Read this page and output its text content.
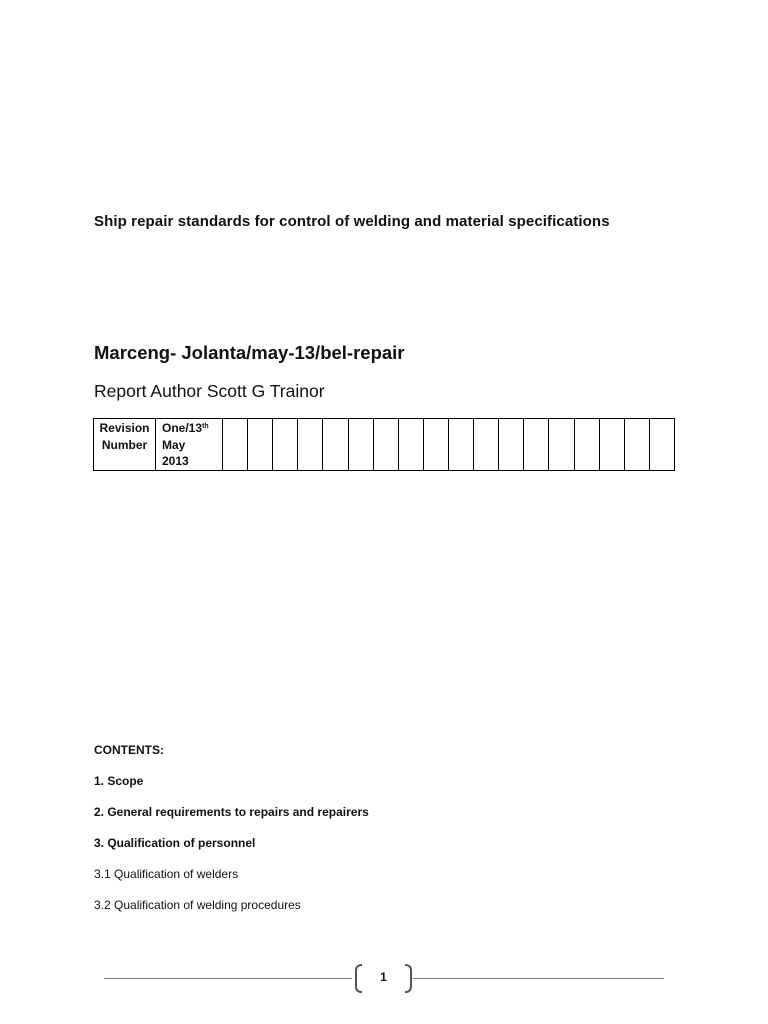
Ship repair standards for control of welding and material specifications
Marceng- Jolanta/may-13/bel-repair
Report Author Scott G Trainor
Revision
Number	One/13th
May
2013																		
CONTENTS:
1. Scope
2. General requirements to repairs and repairers
3. Qualification of personnel
3.1 Qualification of welders
3.2 Qualification of welding procedures
1
